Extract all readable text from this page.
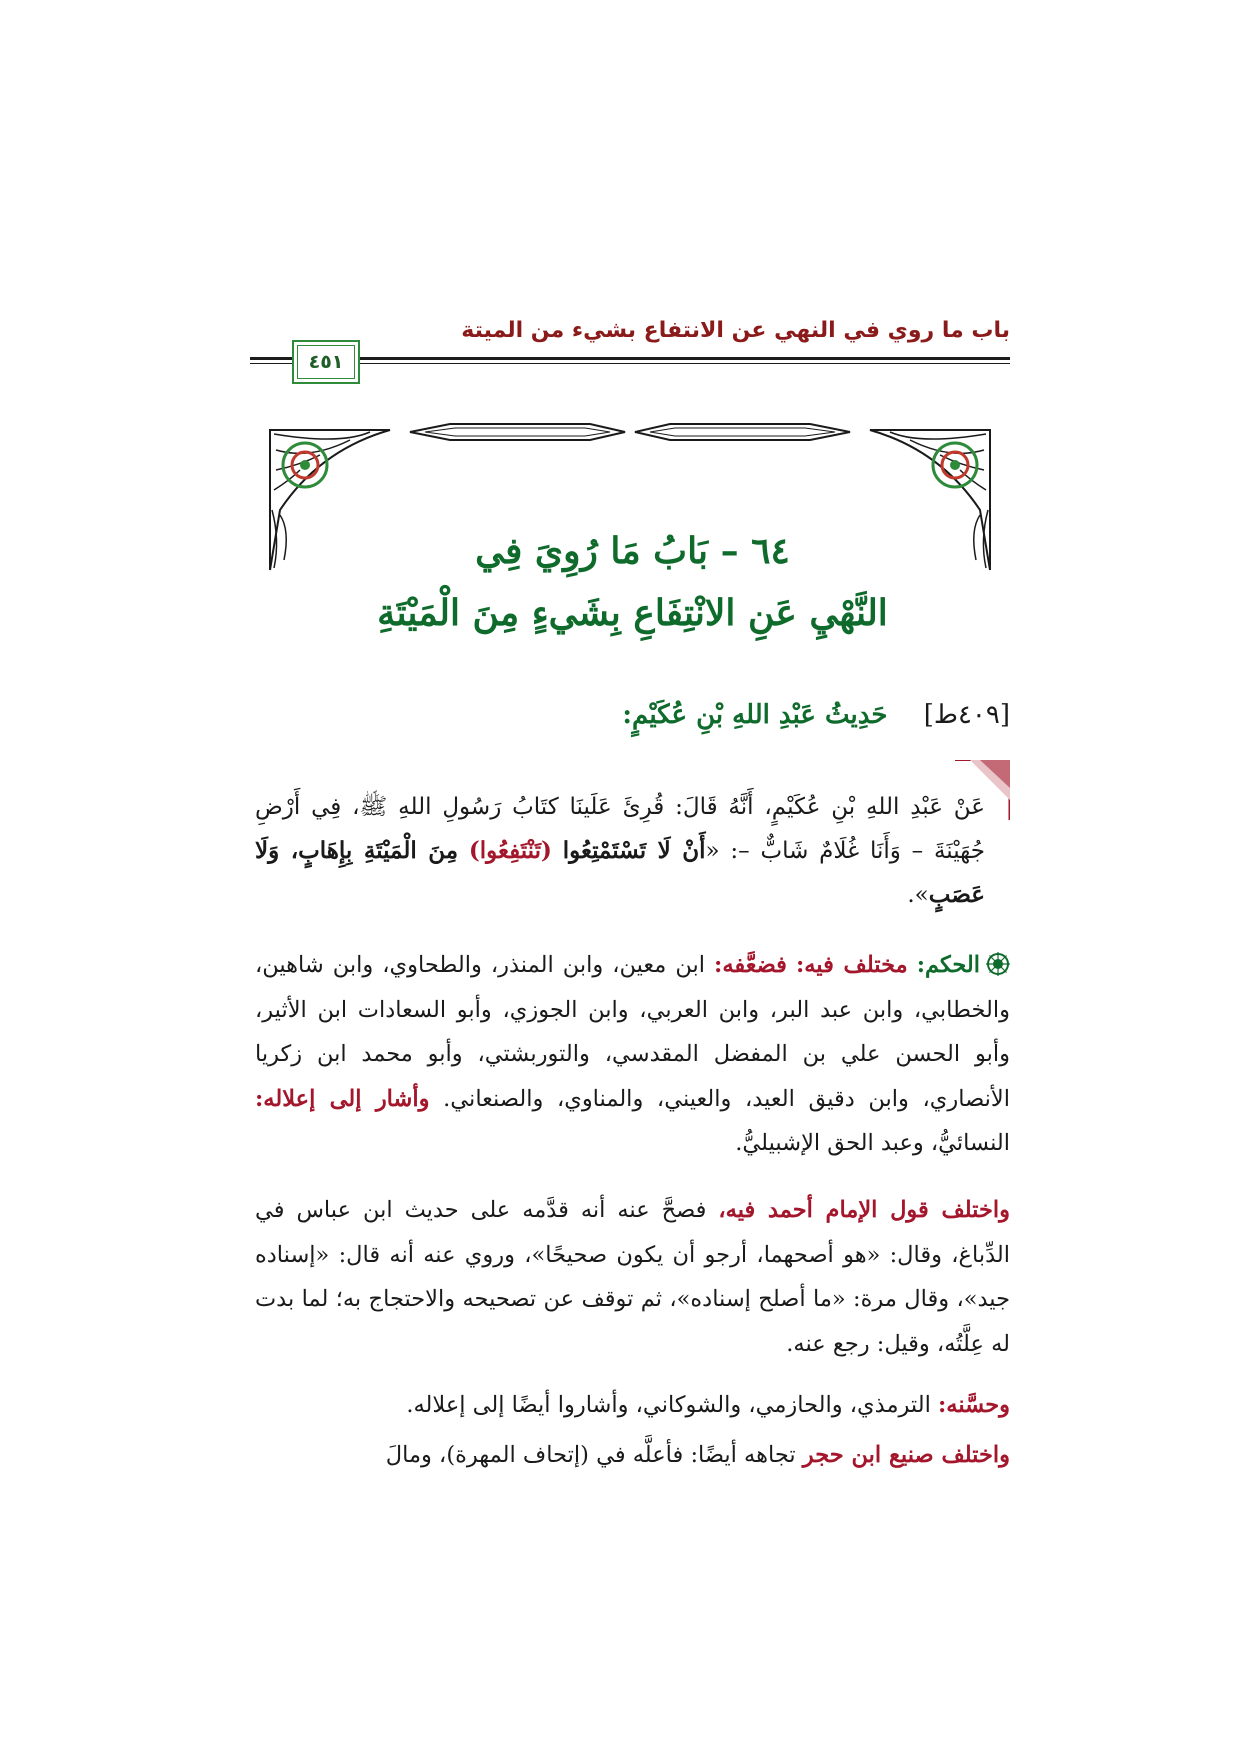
باب ما روي في النهي عن الانتفاع بشيء من الميتة
٤٥١
٦٤ – بَابُ مَا رُوِيَ فِي
النَّهْيِ عَنِ الانْتِفَاعِ بِشَيءٍ مِنَ الْمَيْتَةِ
[٤٠٩ط] حَدِيثُ عَبْدِ اللهِ بْنِ عُكَيْمٍ:
عَنْ عَبْدِ اللهِ بْنِ عُكَيْمٍ، أَنَّهُ قَالَ: قُرِئَ عَلَينَا كتَابُ رَسُولِ اللهِ ﷺ، فِي أَرْضِ جُهَيْنَةَ – وَأَنَا غُلَامٌ شَابٌّ –: «أَنْ لَا تَسْتَمْتِعُوا (تَنْتَفِعُوا) مِنَ الْمَيْتَةِ بِإِهَابٍ، وَلَا عَصَبٍ».

الحكم: مختلف فيه: فضعَّفه: ابن معين، وابن المنذر، والطحاوي، وابن شاهين، والخطابي، وابن عبد البر، وابن العربي، وابن الجوزي، وأبو السعادات ابن الأثير، وأبو الحسن علي بن المفضل المقدسي، والتوربشتي، وأبو محمد ابن زكريا الأنصاري، وابن دقيق العيد، والعيني، والمناوي، والصنعاني. وأشار إلى إعلاله: النسائيُّ، وعبد الحق الإشبيليُّ.

واختلف قول الإمام أحمد فيه، فصحَّ عنه أنه قدَّمه على حديث ابن عباس في الدِّباغ، وقال: «هو أصحهما، أرجو أن يكون صحيحًا»، وروي عنه أنه قال: «إسناده جيد»، وقال مرة: «ما أصلح إسناده»، ثم توقف عن تصحيحه والاحتجاج به؛ لما بدت له عِلَّتُه، وقيل: رجع عنه.

وحسَّنه: الترمذي، والحازمي، والشوكاني، وأشاروا أيضًا إلى إعلاله.

واختلف صنيع ابن حجر تجاهه أيضًا: فأعلَّه في (إتحاف المهرة)، ومالَ
